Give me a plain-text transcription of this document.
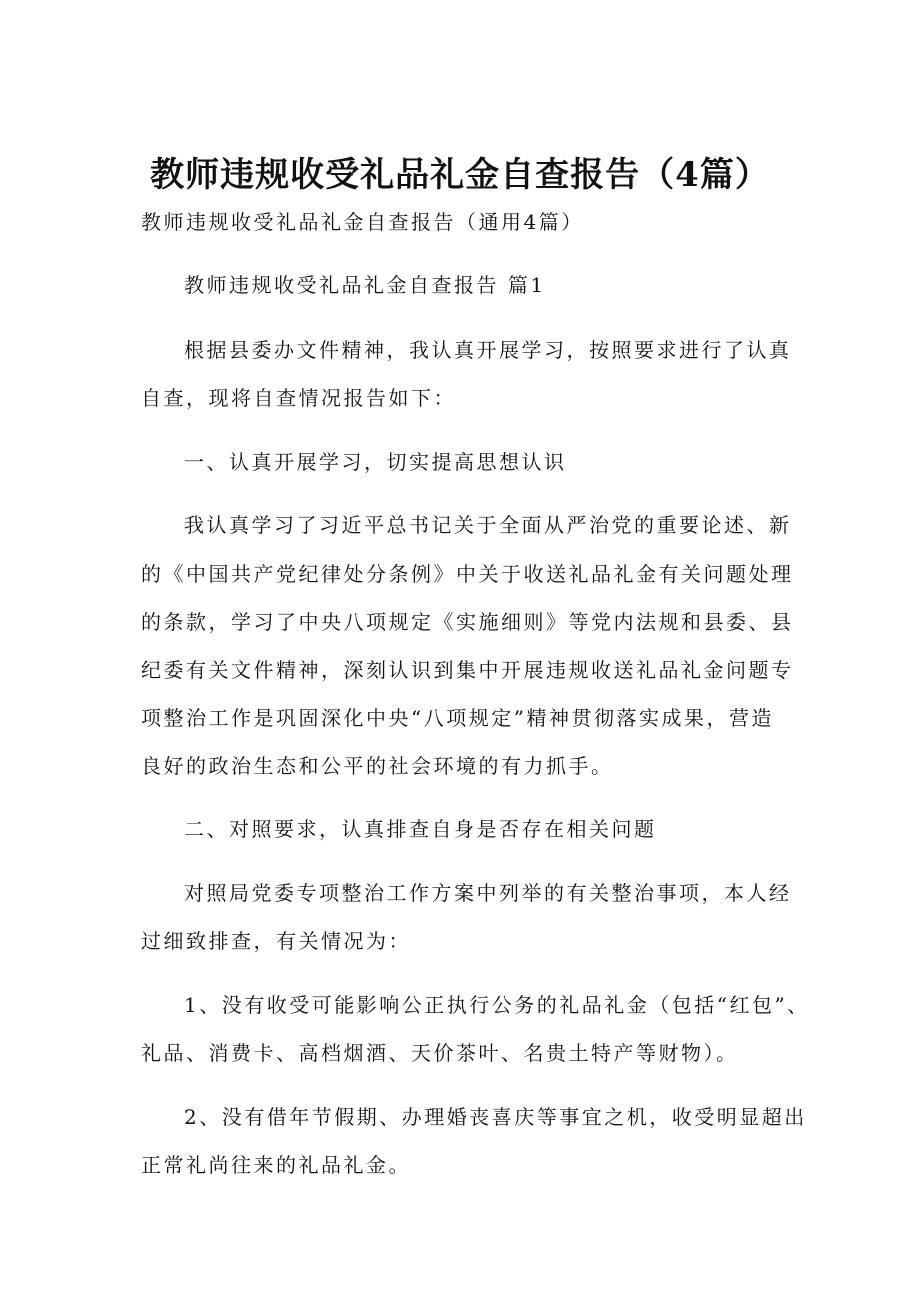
教师违规收受礼品礼金自查报告（4篇）

教师违规收受礼品礼金自查报告（通用4篇）

教师违规收受礼品礼金自查报告 篇1

根据县委办文件精神，我认真开展学习，按照要求进行了认真

自查，现将自查情况报告如下：

一、认真开展学习，切实提高思想认识

我认真学习了习近平总书记关于全面从严治党的重要论述、新

的《中国共产党纪律处分条例》中关于收送礼品礼金有关问题处理

的条款，学习了中央八项规定《实施细则》等党内法规和县委、县

纪委有关文件精神，深刻认识到集中开展违规收送礼品礼金问题专

项整治工作是巩固深化中央“八项规定”精神贯彻落实成果，营造

良好的政治生态和公平的社会环境的有力抓手。

二、对照要求，认真排查自身是否存在相关问题

对照局党委专项整治工作方案中列举的有关整治事项，本人经

过细致排查，有关情况为：

1、没有收受可能影响公正执行公务的礼品礼金（包括“红包”、

礼品、消费卡、高档烟酒、天价茶叶、名贵土特产等财物）。

2、没有借年节假期、办理婚丧喜庆等事宜之机，收受明显超出

正常礼尚往来的礼品礼金。
